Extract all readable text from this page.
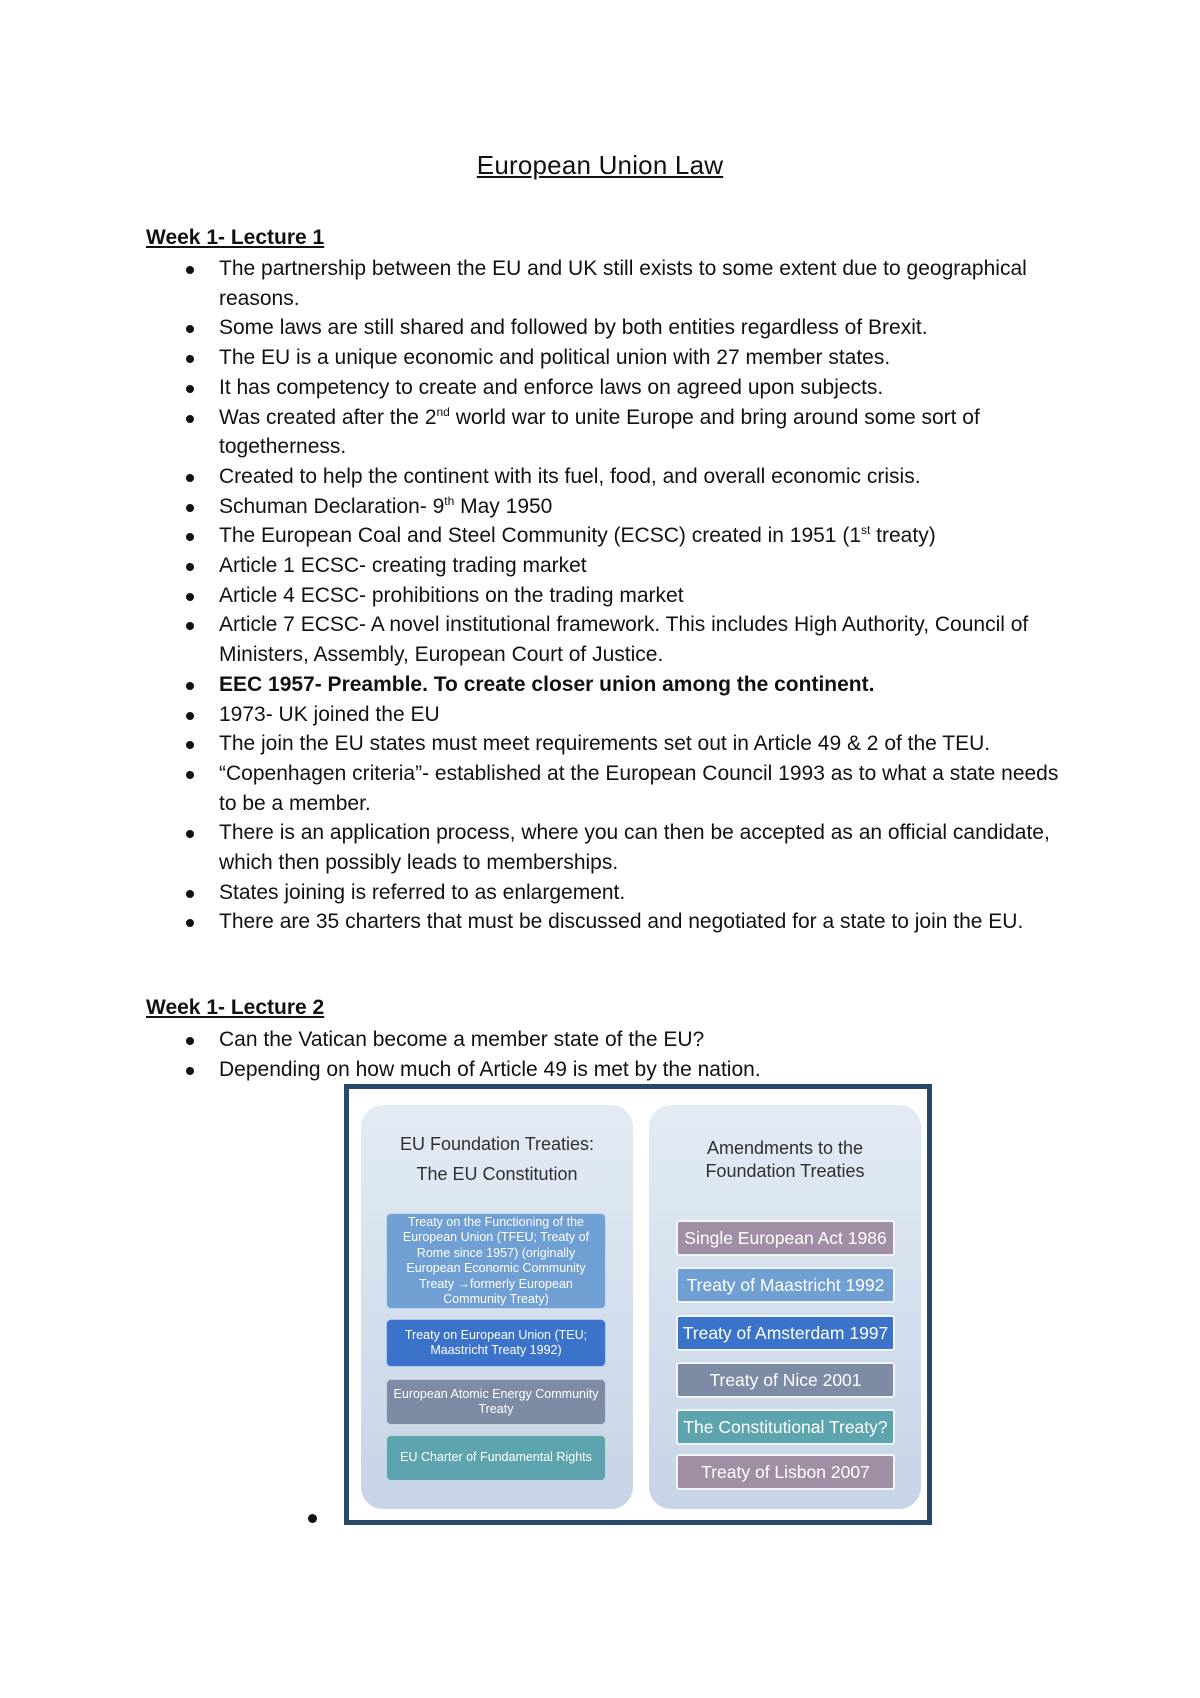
European Union Law
Week 1- Lecture 1
The partnership between the EU and UK still exists to some extent due to geographical reasons.
Some laws are still shared and followed by both entities regardless of Brexit.
The EU is a unique economic and political union with 27 member states.
It has competency to create and enforce laws on agreed upon subjects.
Was created after the 2nd world war to unite Europe and bring around some sort of togetherness.
Created to help the continent with its fuel, food, and overall economic crisis.
Schuman Declaration- 9th May 1950
The European Coal and Steel Community (ECSC) created in 1951 (1st treaty)
Article 1 ECSC- creating trading market
Article 4 ECSC- prohibitions on the trading market
Article 7 ECSC- A novel institutional framework. This includes High Authority, Council of Ministers, Assembly, European Court of Justice.
EEC 1957- Preamble. To create closer union among the continent.
1973- UK joined the EU
The join the EU states must meet requirements set out in Article 49 & 2 of the TEU.
“Copenhagen criteria”- established at the European Council 1993 as to what a state needs to be a member.
There is an application process, where you can then be accepted as an official candidate, which then possibly leads to memberships.
States joining is referred to as enlargement.
There are 35 charters that must be discussed and negotiated for a state to join the EU.
Week 1- Lecture 2
Can the Vatican become a member state of the EU?
Depending on how much of Article 49 is met by the nation.
EU Foundation Treaties:
The EU Constitution
Treaty on the Functioning of the European Union (TFEU; Treaty of Rome since 1957) (originally European Economic Community Treaty →formerly European Community Treaty)
Treaty on European Union (TEU; Maastricht Treaty 1992)
European Atomic Energy Community Treaty
EU Charter of Fundamental Rights
Amendments to the
Foundation Treaties
Single European Act 1986
Treaty of Maastricht 1992
Treaty of Amsterdam 1997
Treaty of Nice 2001
The Constitutional Treaty?
Treaty of Lisbon 2007
